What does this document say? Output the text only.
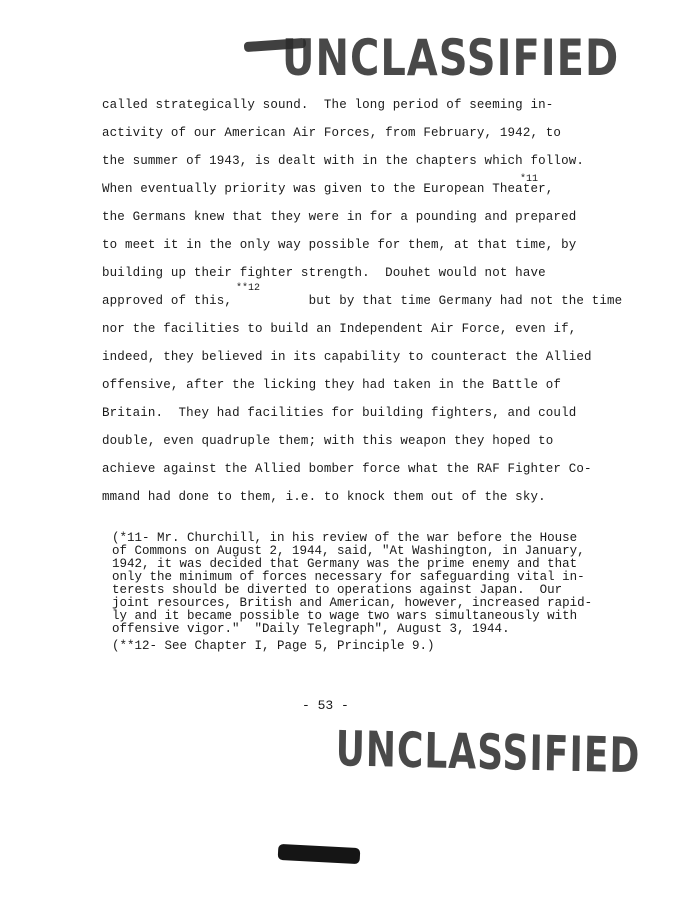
UNCLASSIFIED
called strategically sound.  The long period of seeming in-
activity of our American Air Forces, from February, 1942, to
the summer of 1943, is dealt with in the chapters which follow.
When eventually priority was given to the European Theater,
*11
the Germans knew that they were in for a pounding and prepared
to meet it in the only way possible for them, at that time, by
building up their fighter strength.  Douhet would not have
approved of this,          but by that time Germany had not the time
**12
nor the facilities to build an Independent Air Force, even if,
indeed, they believed in its capability to counteract the Allied
offensive, after the licking they had taken in the Battle of
Britain.  They had facilities for building fighters, and could
double, even quadruple them; with this weapon they hoped to
achieve against the Allied bomber force what the RAF Fighter Co-
mmand had done to them, i.e. to knock them out of the sky.
(*11- Mr. Churchill, in his review of the war before the House
of Commons on August 2, 1944, said, "At Washington, in January,
1942, it was decided that Germany was the prime enemy and that
only the minimum of forces necessary for safeguarding vital in-
terests should be diverted to operations against Japan.  Our
joint resources, British and American, however, increased rapid-
ly and it became possible to wage two wars simultaneously with
offensive vigor."  "Daily Telegraph", August 3, 1944.
(**12- See Chapter I, Page 5, Principle 9.)
- 53 -
UNCLASSIFIED
